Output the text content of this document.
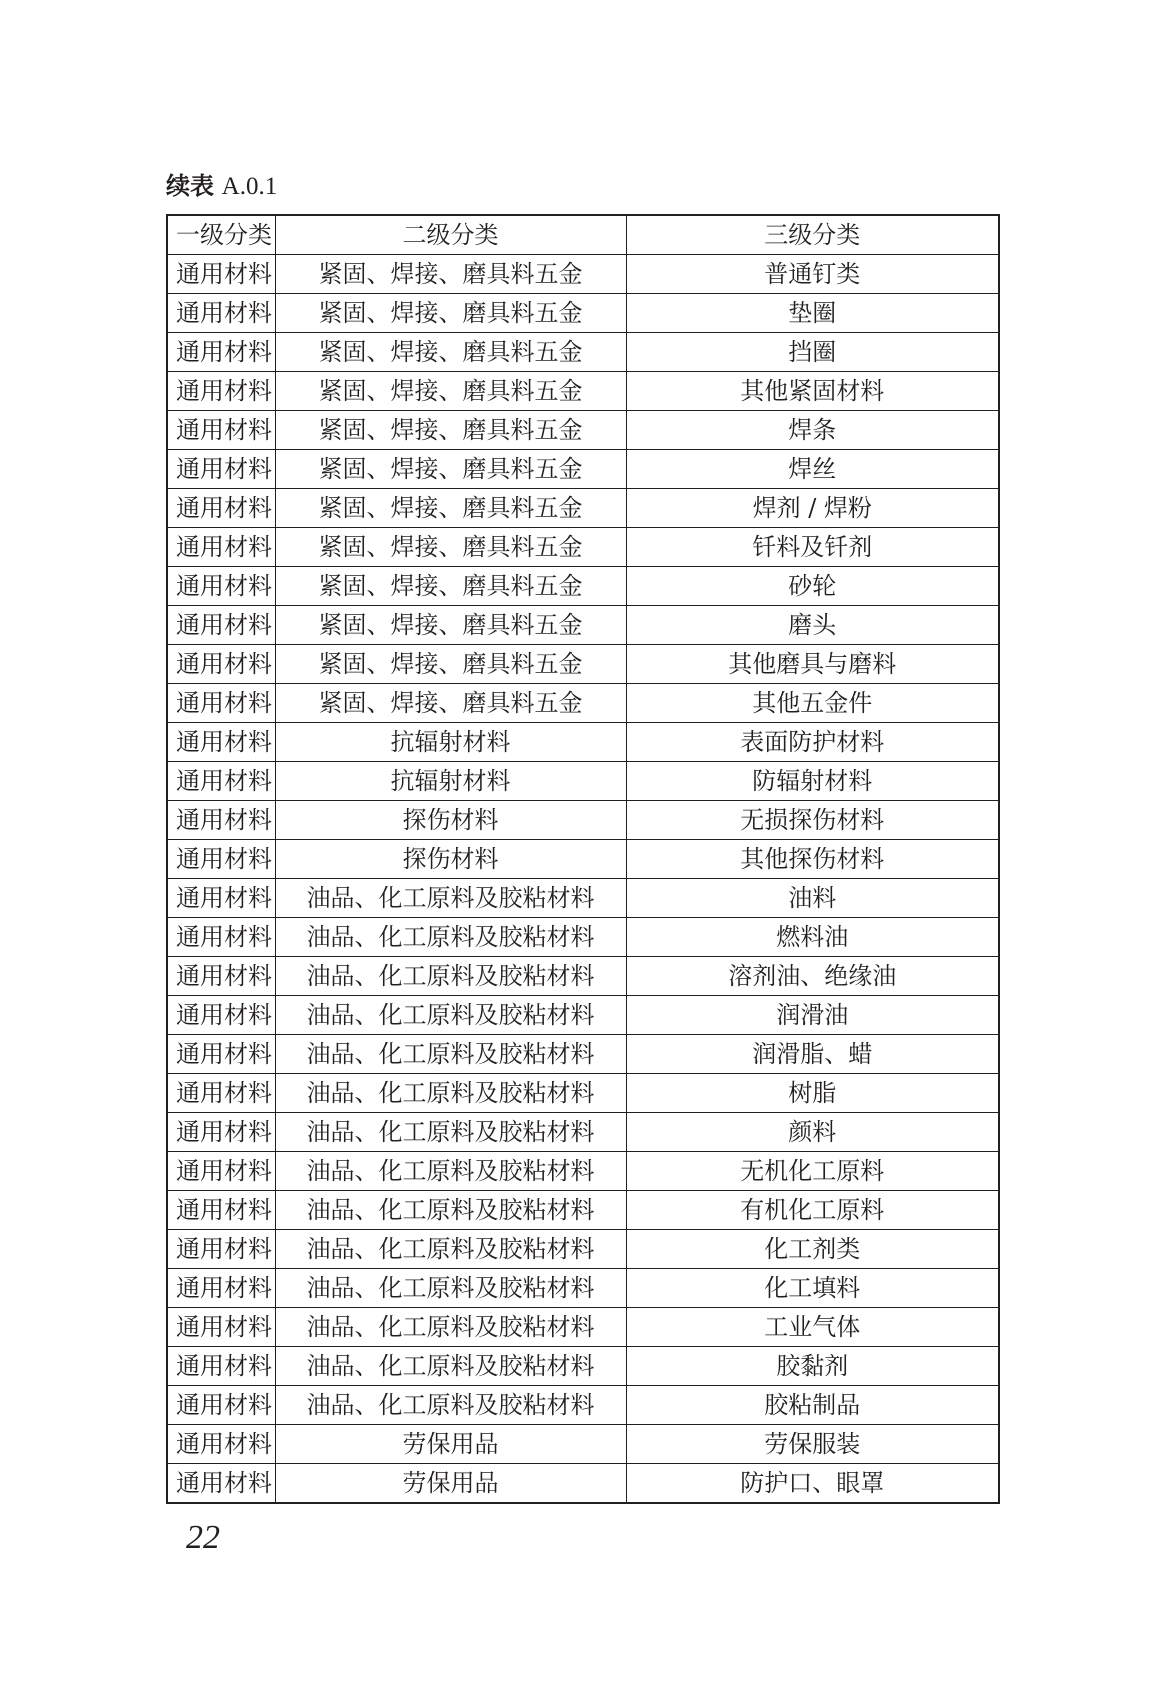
续表 A.0.1
一级分类	二级分类	三级分类
通用材料	紧固、焊接、磨具料五金	普通钉类
通用材料	紧固、焊接、磨具料五金	垫圈
通用材料	紧固、焊接、磨具料五金	挡圈
通用材料	紧固、焊接、磨具料五金	其他紧固材料
通用材料	紧固、焊接、磨具料五金	焊条
通用材料	紧固、焊接、磨具料五金	焊丝
通用材料	紧固、焊接、磨具料五金	焊剂 / 焊粉
通用材料	紧固、焊接、磨具料五金	钎料及钎剂
通用材料	紧固、焊接、磨具料五金	砂轮
通用材料	紧固、焊接、磨具料五金	磨头
通用材料	紧固、焊接、磨具料五金	其他磨具与磨料
通用材料	紧固、焊接、磨具料五金	其他五金件
通用材料	抗辐射材料	表面防护材料
通用材料	抗辐射材料	防辐射材料
通用材料	探伤材料	无损探伤材料
通用材料	探伤材料	其他探伤材料
通用材料	油品、化工原料及胶粘材料	油料
通用材料	油品、化工原料及胶粘材料	燃料油
通用材料	油品、化工原料及胶粘材料	溶剂油、绝缘油
通用材料	油品、化工原料及胶粘材料	润滑油
通用材料	油品、化工原料及胶粘材料	润滑脂、蜡
通用材料	油品、化工原料及胶粘材料	树脂
通用材料	油品、化工原料及胶粘材料	颜料
通用材料	油品、化工原料及胶粘材料	无机化工原料
通用材料	油品、化工原料及胶粘材料	有机化工原料
通用材料	油品、化工原料及胶粘材料	化工剂类
通用材料	油品、化工原料及胶粘材料	化工填料
通用材料	油品、化工原料及胶粘材料	工业气体
通用材料	油品、化工原料及胶粘材料	胶黏剂
通用材料	油品、化工原料及胶粘材料	胶粘制品
通用材料	劳保用品	劳保服装
通用材料	劳保用品	防护口、眼罩
22
